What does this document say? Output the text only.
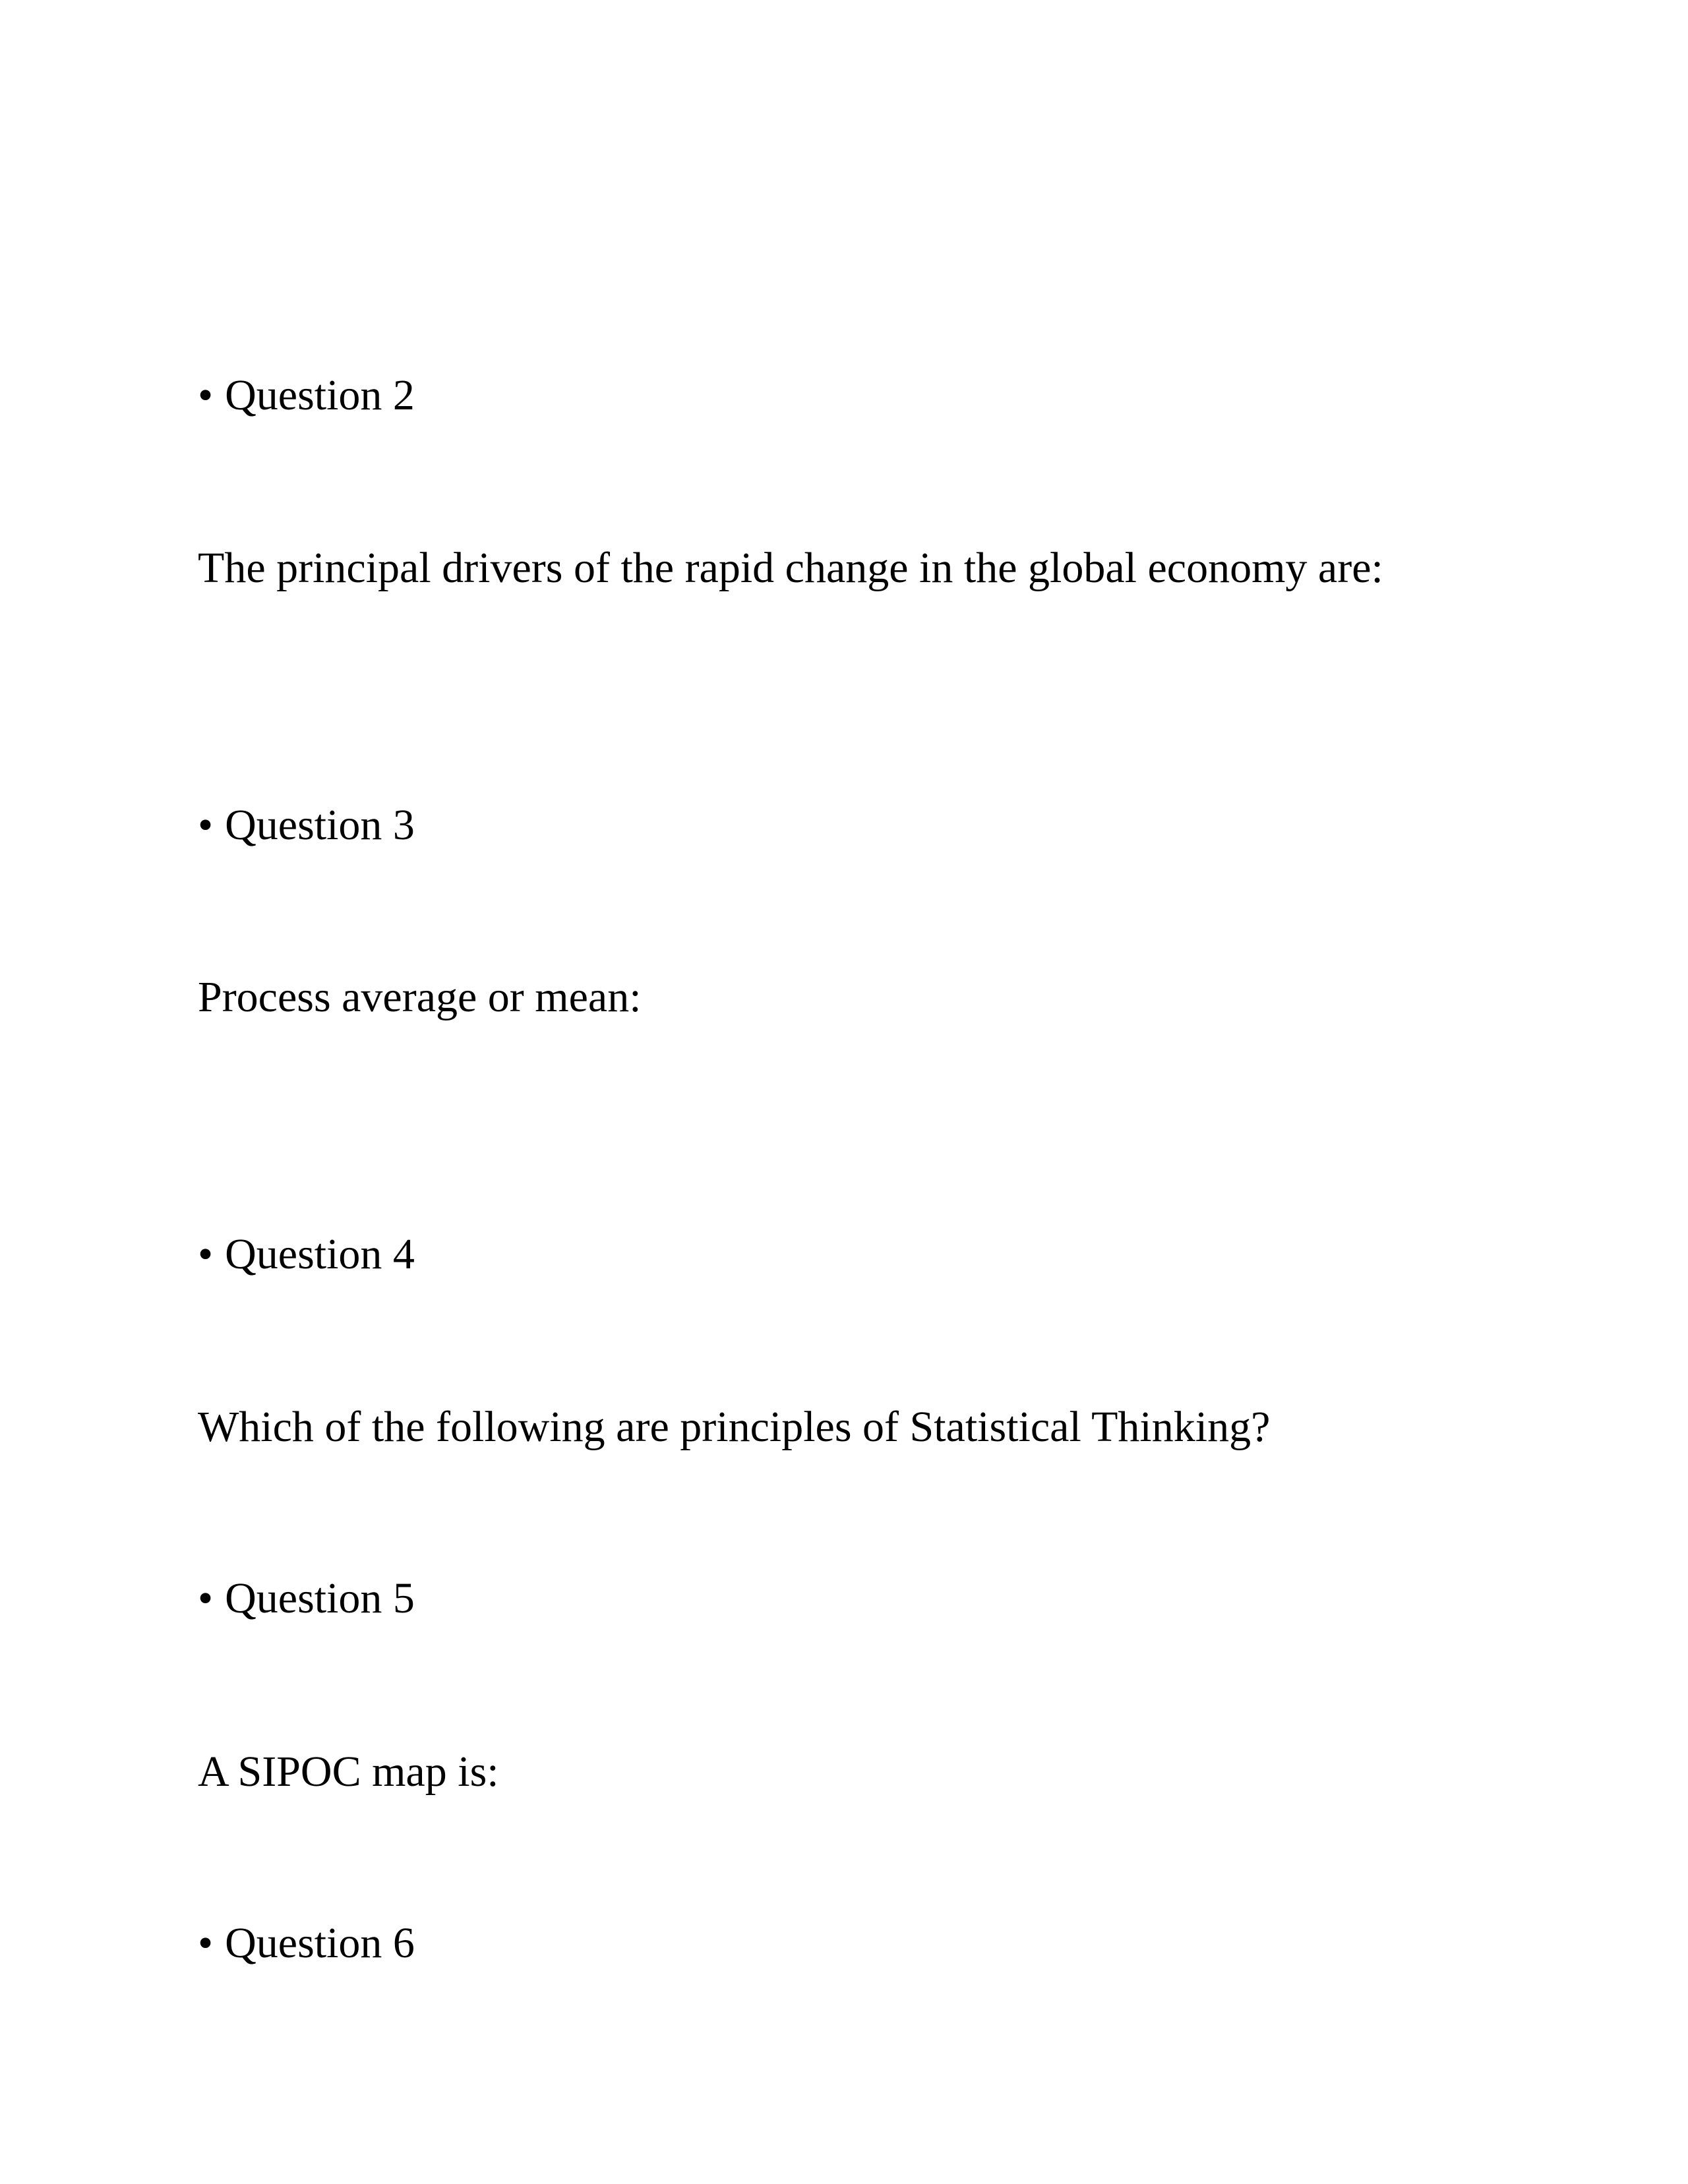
• Question 2

The principal drivers of the rapid change in the global economy are:

• Question 3

Process average or mean:

• Question 4

Which of the following are principles of Statistical Thinking?

• Question 5

A SIPOC map is:

• Question 6
